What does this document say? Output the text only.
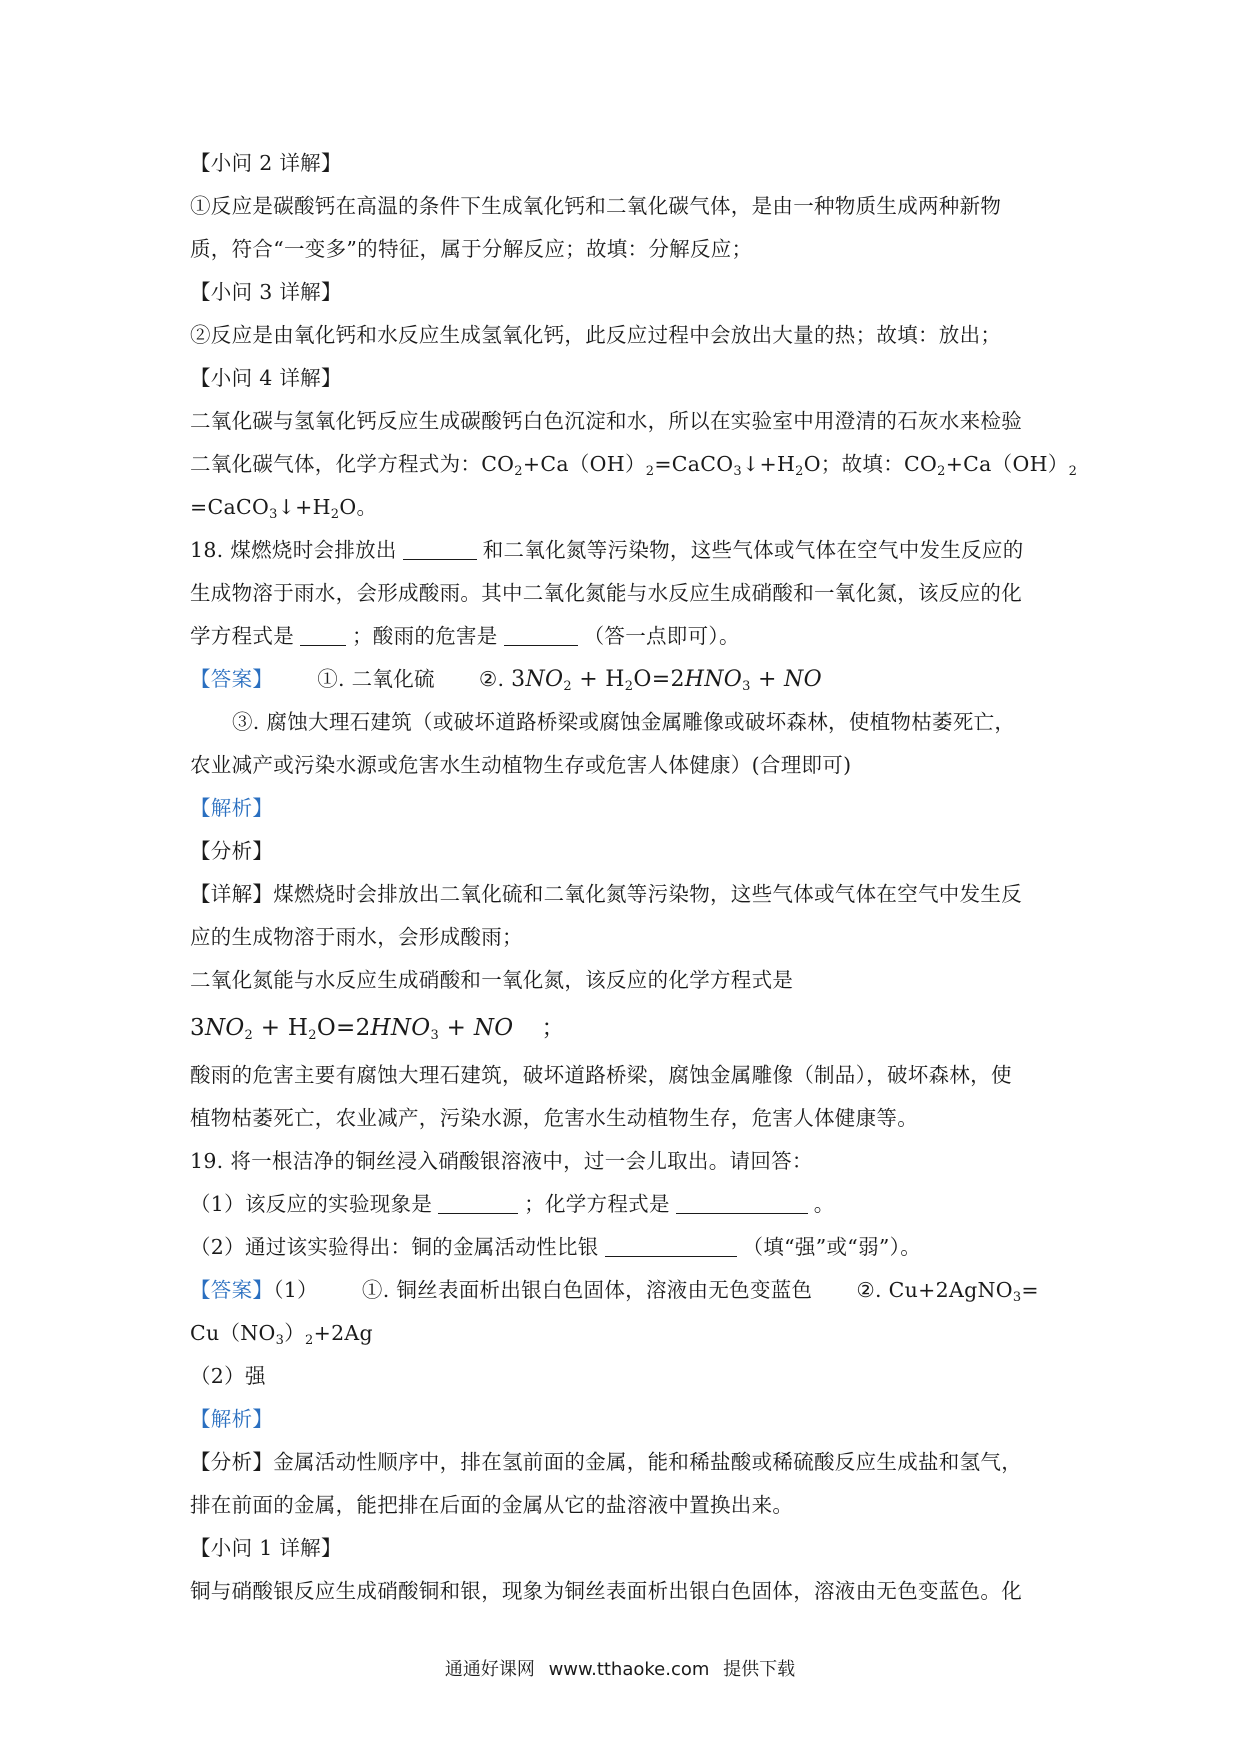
【小问 2 详解】
①反应是碳酸钙在高温的条件下生成氧化钙和二氧化碳气体，是由一种物质生成两种新物
质，符合“一变多”的特征，属于分解反应；故填：分解反应；
【小问 3 详解】
②反应是由氧化钙和水反应生成氢氧化钙，此反应过程中会放出大量的热；故填：放出；
【小问 4 详解】
二氧化碳与氢氧化钙反应生成碳酸钙白色沉淀和水，所以在实验室中用澄清的石灰水来检验
二氧化碳气体，化学方程式为：$CO_2+Ca(OH)_2=CaCO_3↓+H_2O$；故填：$CO_2+Ca(OH)_2$
$=CaCO_3↓+H_2O$。
18. 煤燃烧时会排放出	和二氧化氮等污染物，这些气体或气体在空气中发生反应的
生成物溶于雨水，会形成酸雨。其中二氧化氮能与水反应生成硝酸和一氧化氮，该反应的化
学方程式是	；酸雨的危害是	（答一点即可）。
【答案】 ①. 二氧化硫 ②. $3NO_2 + H_2O=2HNO_3$ + NO
③. 腐蚀大理石建筑（或破坏道路桥梁或腐蚀金属雕像或破坏森林，使植物枯萎死亡，
农业减产或污染水源或危害水生动植物生存或危害人体健康）(合理即可)
【解析】
【分析】
【详解】煤燃烧时会排放出二氧化硫和二氧化氮等污染物，这些气体或气体在空气中发生反
应的生成物溶于雨水，会形成酸雨；
二氧化氮能与水反应生成硝酸和一氧化氮，该反应的化学方程式是
$3NO_2 + H_2O=2HNO_3$ + NO ；
酸雨的危害主要有腐蚀大理石建筑，破坏道路桥梁，腐蚀金属雕像（制品），破坏森林，使
植物枯萎死亡，农业减产，污染水源，危害水生动植物生存，危害人体健康等。
19. 将一根洁净的铜丝浸入硝酸银溶液中，过一会儿取出。请回答：
（1）该反应的实验现象是	；化学方程式是	。
（2）通过该实验得出：铜的金属活动性比银	（填“强”或“弱”）。
【答案】（1） ①. 铜丝表面析出银白色固体，溶液由无色变蓝色 ②. Cu+2AgNO$_3$=
$Cu(NO_3)_2+2Ag$
（2）强
【解析】
【分析】金属活动性顺序中，排在氢前面的金属，能和稀盐酸或稀硫酸反应生成盐和氢气，
排在前面的金属，能把排在后面的金属从它的盐溶液中置换出来。
【小问 1 详解】
铜与硝酸银反应生成硝酸铜和银，现象为铜丝表面析出银白色固体，溶液由无色变蓝色。化
通通好课网 www.tthaoke.com 提供下载
